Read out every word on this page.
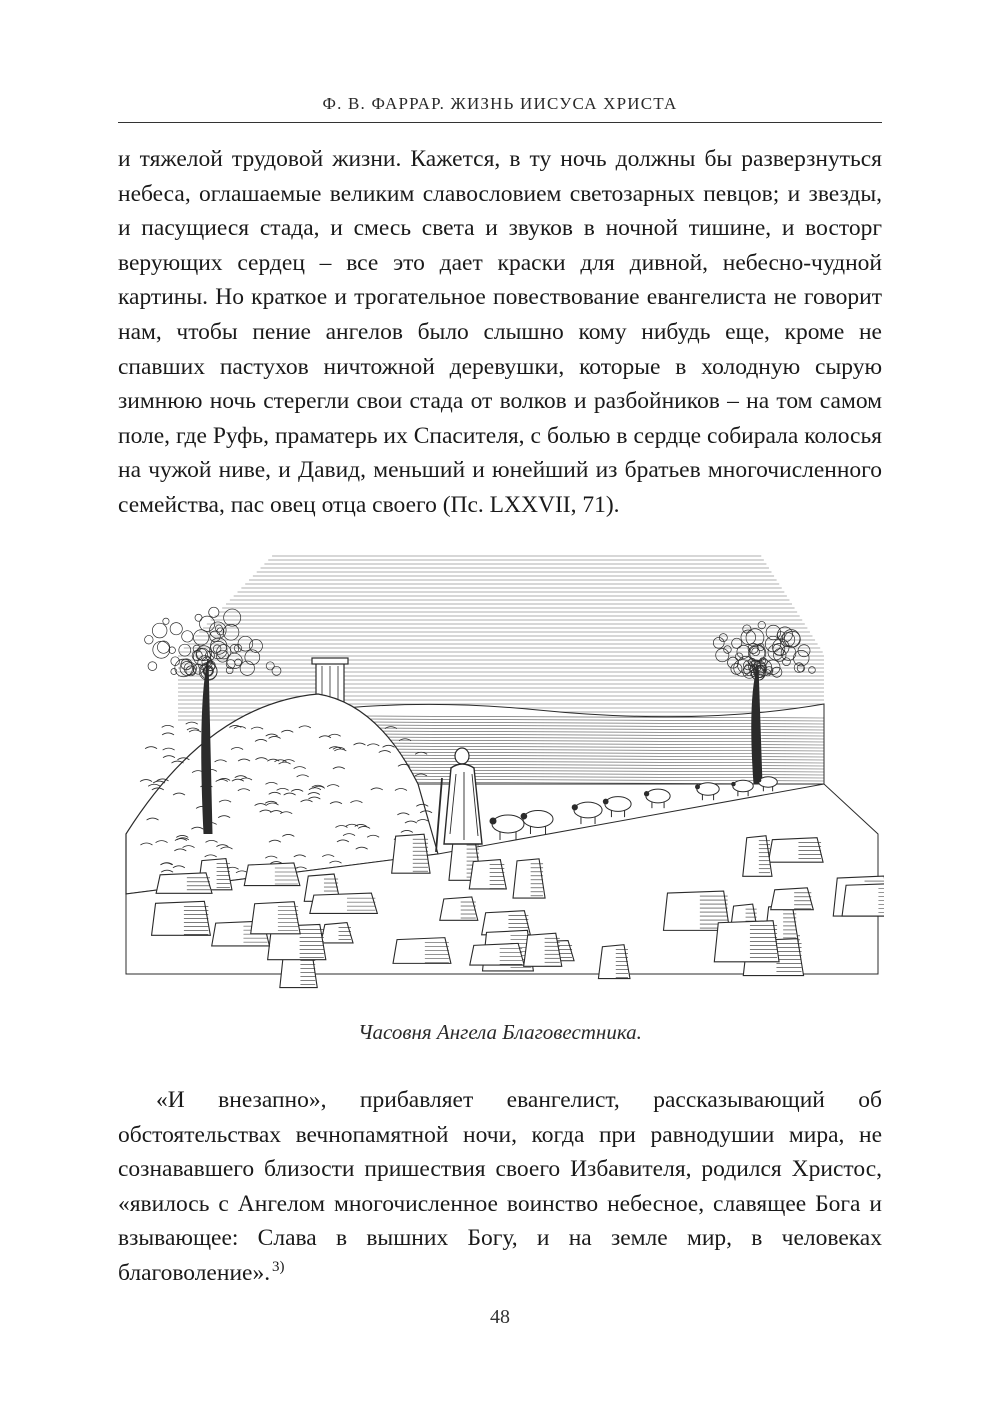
Ф. В. ФАРРАР. ЖИЗНЬ ИИСУСА ХРИСТА

и тяжелой трудовой жизни. Кажется, в ту ночь должны бы разверзнуться небеса, оглашаемые великим славословием светозарных певцов; и звезды, и пасущиеся стада, и смесь света и звуков в ночной тишине, и восторг верующих сердец – все это дает краски для дивной, небесно-чудной картины. Но краткое и трогательное повествование евангелиста не говорит нам, чтобы пение ангелов было слышно кому нибудь еще, кроме не спавших пастухов ничтожной деревушки, которые в холодную сырую зимнюю ночь стерегли свои стада от волков и разбойников – на том самом поле, где Руфь, праматерь их Спасителя, с болью в сердце собирала колосья на чужой ниве, и Давид, меньший и юнейший из братьев многочисленного семейства, пас овец отца своего (Пс. LXXVII, 71).

Часовня Ангела Благовестника.

«И внезапно», прибавляет евангелист, рассказывающий об обстоятельствах вечнопамятной ночи, когда при равнодушии мира, не сознававшего близости пришествия своего Избавителя, родился Христос, «явилось с Ангелом многочисленное воинство небесное, славящее Бога и взывающее: Слава в вышних Богу, и на земле мир, в человеках благоволение».  $^{3)}$

48
